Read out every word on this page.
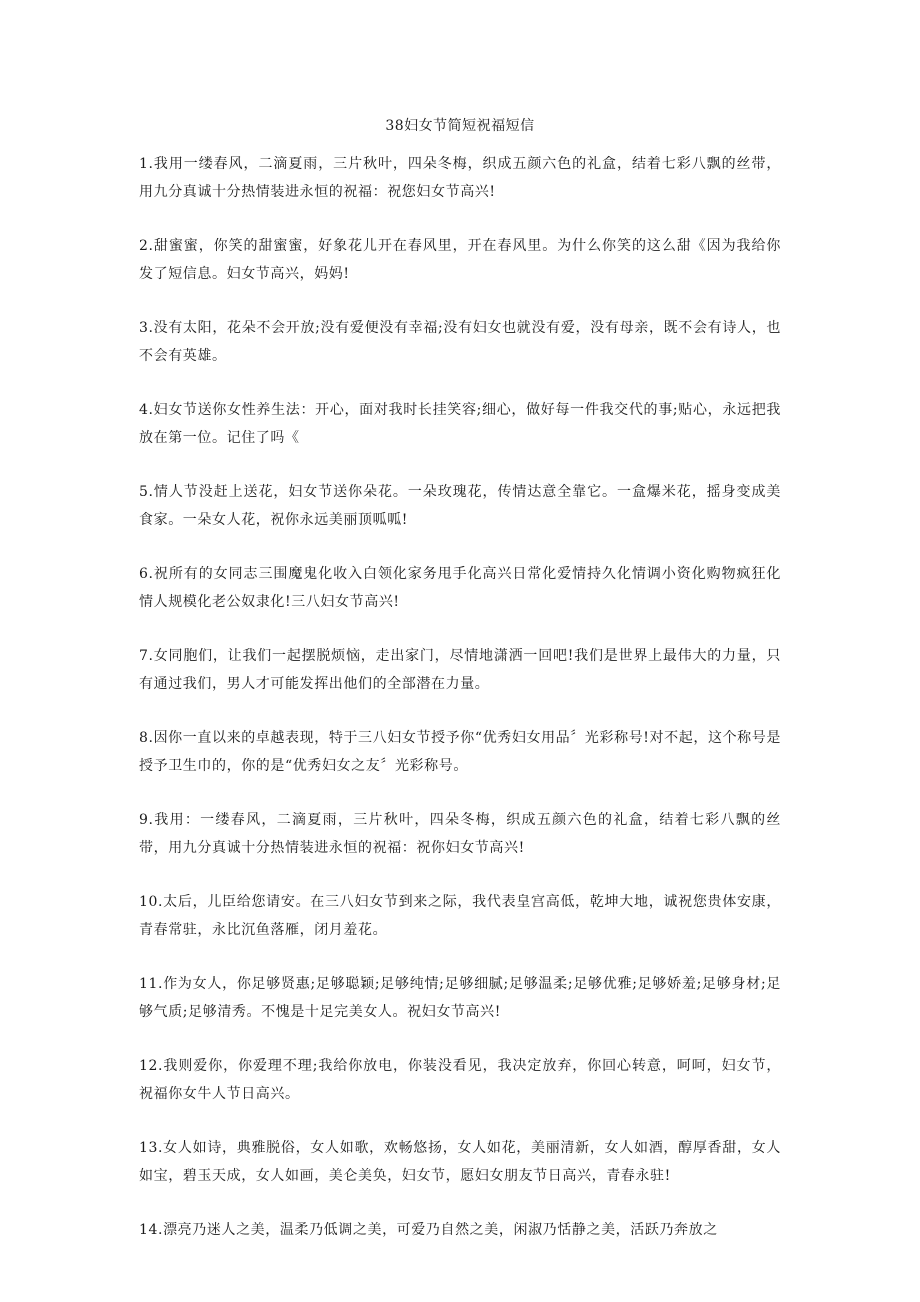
38妇女节简短祝福短信

1.我用一缕春风，二滴夏雨，三片秋叶，四朵冬梅，织成五颜六色的礼盒，结着七彩八飘的丝带，用九分真诚十分热情装进永恒的祝福：祝您妇女节高兴!

2.甜蜜蜜，你笑的甜蜜蜜，好象花儿开在春风里，开在春风里。为什么你笑的这么甜《因为我给你发了短信息。妇女节高兴，妈妈!

3.没有太阳，花朵不会开放;没有爱便没有幸福;没有妇女也就没有爱，没有母亲，既不会有诗人，也不会有英雄。

4.妇女节送你女性养生法：开心，面对我时长挂笑容;细心，做好每一件我交代的事;贴心，永远把我放在第一位。记住了吗《

5.情人节没赶上送花，妇女节送你朵花。一朵玫瑰花，传情达意全靠它。一盒爆米花，摇身变成美食家。一朵女人花，祝你永远美丽顶呱呱!

6.祝所有的女同志三围魔鬼化收入白领化家务甩手化高兴日常化爱情持久化情调小资化购物疯狂化情人规模化老公奴隶化!三八妇女节高兴!

7.女同胞们，让我们一起摆脱烦恼，走出家门，尽情地潇洒一回吧!我们是世界上最伟大的力量，只有通过我们，男人才可能发挥出他们的全部潜在力量。

8.因你一直以来的卓越表现，特于三八妇女节授予你“优秀妇女用品〞光彩称号!对不起，这个称号是授予卫生巾的，你的是“优秀妇女之友〞光彩称号。

9.我用：一缕春风，二滴夏雨，三片秋叶，四朵冬梅，织成五颜六色的礼盒，结着七彩八飘的丝带，用九分真诚十分热情装进永恒的祝福：祝你妇女节高兴!

10.太后，儿臣给您请安。在三八妇女节到来之际，我代表皇宫高低，乾坤大地，诚祝您贵体安康，青春常驻，永比沉鱼落雁，闭月羞花。

11.作为女人，你足够贤惠;足够聪颖;足够纯情;足够细腻;足够温柔;足够优雅;足够娇羞;足够身材;足够气质;足够清秀。不愧是十足完美女人。祝妇女节高兴!

12.我则爱你，你爱理不理;我给你放电，你装没看见，我决定放弃，你回心转意，呵呵，妇女节，祝福你女牛人节日高兴。

13.女人如诗，典雅脱俗，女人如歌，欢畅悠扬，女人如花，美丽清新，女人如酒，醇厚香甜，女人如宝，碧玉天成，女人如画，美仑美奂，妇女节，愿妇女朋友节日高兴，青春永驻!

14.漂亮乃迷人之美，温柔乃低调之美，可爱乃自然之美，闲淑乃恬静之美，活跃乃奔放之
